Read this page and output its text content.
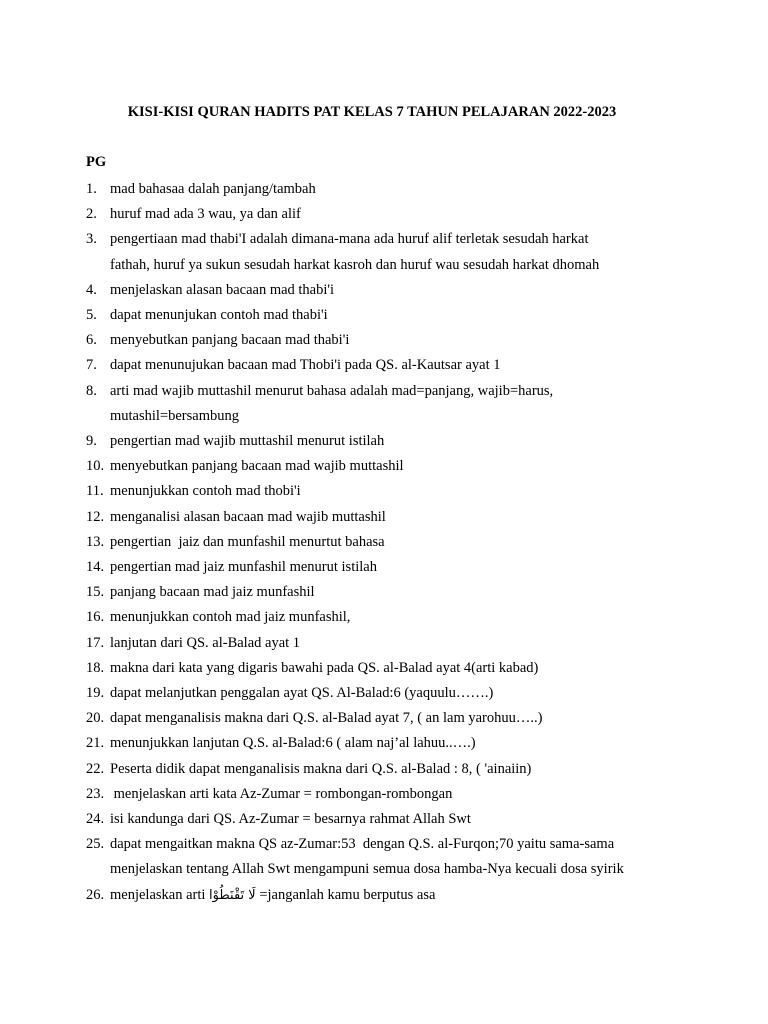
KISI-KISI QURAN HADITS PAT KELAS 7 TAHUN PELAJARAN 2022-2023
PG
1. mad bahasaa dalah panjang/tambah
2. huruf mad ada 3 wau, ya dan alif
3. pengertiaan mad thabi'I adalah dimana-mana ada huruf alif terletak sesudah harkat
fathah, huruf ya sukun sesudah harkat kasroh dan huruf wau sesudah harkat dhomah
4. menjelaskan alasan bacaan mad thabi'i
5. dapat menunjukan contoh mad thabi'i
6. menyebutkan panjang bacaan mad thabi'i
7. dapat menunujukan bacaan mad Thobi'i pada QS. al-Kautsar ayat 1
8. arti mad wajib muttashil menurut bahasa adalah mad=panjang, wajib=harus,
mutashil=bersambung
9. pengertian mad wajib muttashil menurut istilah
10. menyebutkan panjang bacaan mad wajib muttashil
11. menunjukkan contoh mad thobi'i
12. menganalisi alasan bacaan mad wajib muttashil
13. pengertian  jaiz dan munfashil menurtut bahasa
14. pengertian mad jaiz munfashil menurut istilah
15. panjang bacaan mad jaiz munfashil
16. menunjukkan contoh mad jaiz munfashil,
17. lanjutan dari QS. al-Balad ayat 1
18. makna dari kata yang digaris bawahi pada QS. al-Balad ayat 4(arti kabad)
19. dapat melanjutkan penggalan ayat QS. Al-Balad:6 (yaquulu…….)
20. dapat menganalisis makna dari Q.S. al-Balad ayat 7, ( an lam yarohuu…..)
21. menunjukkan lanjutan Q.S. al-Balad:6 ( alam naj’al lahuu..….)
22. Peserta didik dapat menganalisis makna dari Q.S. al-Balad : 8, ( 'ainaiin)
23. menjelaskan arti kata Az-Zumar = rombongan-rombongan
24. isi kandunga dari QS. Az-Zumar = besarnya rahmat Allah Swt
25. dapat mengaitkan makna QS az-Zumar:53  dengan Q.S. al-Furqon;70 yaitu sama-sama
menjelaskan tentang Allah Swt mengampuni semua dosa hamba-Nya kecuali dosa syirik
26. menjelaskan arti لَا تَقْنَطُوْا =janganlah kamu berputus asa
